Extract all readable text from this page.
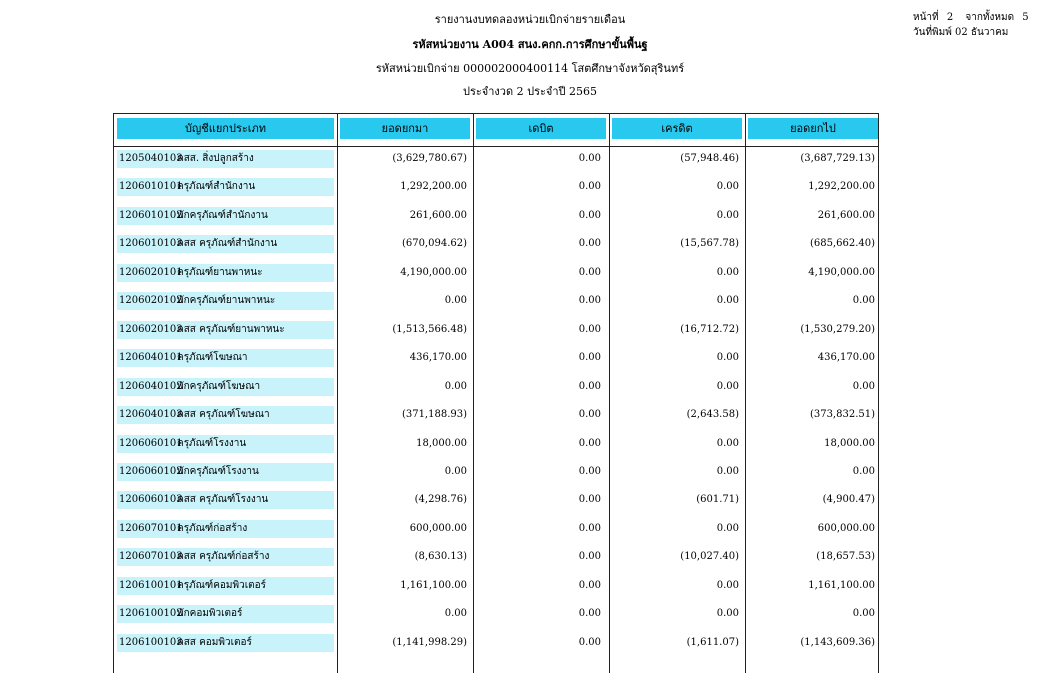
รายงานงบทดลองหน่วยเบิกจ่ายรายเดือน
รหัสหน่วยงาน A004 สนง.คกก.การศึกษาขั้นพื้นฐ
รหัสหน่วยเบิกจ่าย 000002000400114 โสตศึกษาจังหวัดสุรินทร์
ประจำงวด 2 ประจำปี 2565
หน้าที่ 2 จากทั้งหมด 5
วันที่พิมพ์ 02 ธันวาคม
บัญชีแยกประเภท	ยอดยกมา	เดบิต	เครดิต	ยอดยกไป
1205040103คสส. สิ่งปลูกสร้าง	(3,629,780.67)	0.00	(57,948.46)	(3,687,729.13)
1206010101ครุภัณฑ์สำนักงาน	1,292,200.00	0.00	0.00	1,292,200.00
1206010102พักครุภัณฑ์สำนักงาน	261,600.00	0.00	0.00	261,600.00
1206010103คสส ครุภัณฑ์สำนักงาน	(670,094.62)	0.00	(15,567.78)	(685,662.40)
1206020101ครุภัณฑ์ยานพาหนะ	4,190,000.00	0.00	0.00	4,190,000.00
1206020102พักครุภัณฑ์ยานพาหนะ	0.00	0.00	0.00	0.00
1206020103คสส ครุภัณฑ์ยานพาหนะ	(1,513,566.48)	0.00	(16,712.72)	(1,530,279.20)
1206040101ครุภัณฑ์โฆษณา	436,170.00	0.00	0.00	436,170.00
1206040102พักครุภัณฑ์โฆษณา	0.00	0.00	0.00	0.00
1206040103คสส ครุภัณฑ์โฆษณา	(371,188.93)	0.00	(2,643.58)	(373,832.51)
1206060101ครุภัณฑ์โรงงาน	18,000.00	0.00	0.00	18,000.00
1206060102พักครุภัณฑ์โรงงาน	0.00	0.00	0.00	0.00
1206060103คสส ครุภัณฑ์โรงงาน	(4,298.76)	0.00	(601.71)	(4,900.47)
1206070101ครุภัณฑ์ก่อสร้าง	600,000.00	0.00	0.00	600,000.00
1206070103คสส ครุภัณฑ์ก่อสร้าง	(8,630.13)	0.00	(10,027.40)	(18,657.53)
1206100101ครุภัณฑ์คอมพิวเตอร์	1,161,100.00	0.00	0.00	1,161,100.00
1206100102พักคอมพิวเตอร์	0.00	0.00	0.00	0.00
1206100103คสส คอมพิวเตอร์	(1,141,998.29)	0.00	(1,611.07)	(1,143,609.36)
